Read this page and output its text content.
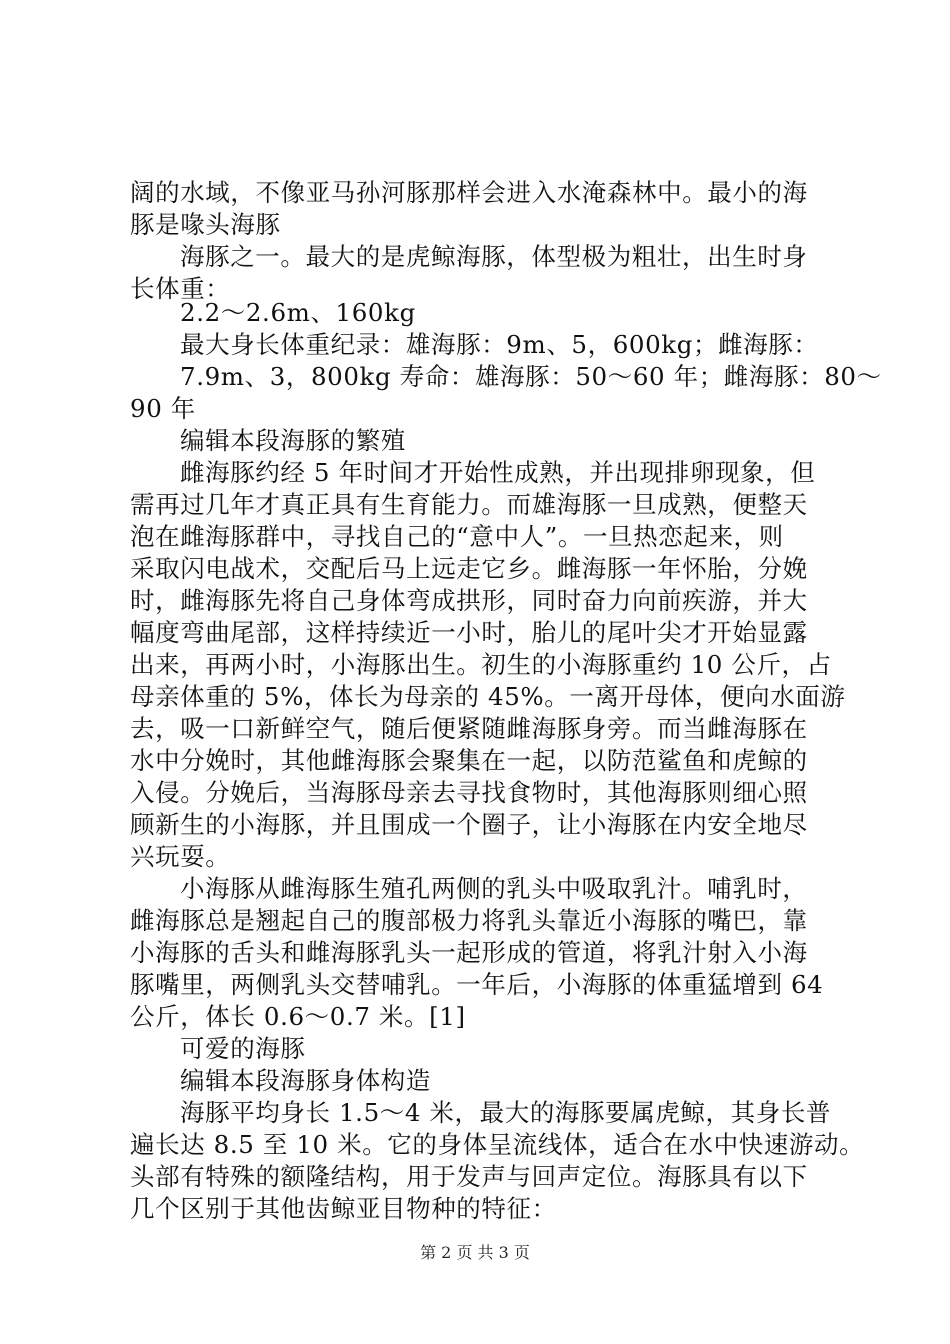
阔的水域，不像亚马孙河豚那样会进入水淹森林中。最小的海
豚是喙头海豚
海豚之一。最大的是虎鲸海豚，体型极为粗壮，出生时身
长体重：
2.2～2.6m、160kg
最大身长体重纪录：雄海豚：9m、5，600kg；雌海豚：
7.9m、3，800kg 寿命：雄海豚：50～60 年；雌海豚：80～
90 年
编辑本段海豚的繁殖
雌海豚约经 5 年时间才开始性成熟，并出现排卵现象，但
需再过几年才真正具有生育能力。而雄海豚一旦成熟，便整天
泡在雌海豚群中，寻找自己的“意中人”。一旦热恋起来，则
采取闪电战术，交配后马上远走它乡。雌海豚一年怀胎，分娩
时，雌海豚先将自己身体弯成拱形，同时奋力向前疾游，并大
幅度弯曲尾部，这样持续近一小时，胎儿的尾叶尖才开始显露
出来，再两小时，小海豚出生。初生的小海豚重约 10 公斤，占
母亲体重的 5%，体长为母亲的 45%。一离开母体，便向水面游
去，吸一口新鲜空气，随后便紧随雌海豚身旁。而当雌海豚在
水中分娩时，其他雌海豚会聚集在一起，以防范鲨鱼和虎鲸的
入侵。分娩后，当海豚母亲去寻找食物时，其他海豚则细心照
顾新生的小海豚，并且围成一个圈子，让小海豚在内安全地尽
兴玩耍。
小海豚从雌海豚生殖孔两侧的乳头中吸取乳汁。哺乳时，
雌海豚总是翘起自己的腹部极力将乳头靠近小海豚的嘴巴，靠
小海豚的舌头和雌海豚乳头一起形成的管道，将乳汁射入小海
豚嘴里，两侧乳头交替哺乳。一年后，小海豚的体重猛增到 64
公斤，体长 0.6～0.7 米。[1]
可爱的海豚
编辑本段海豚身体构造
海豚平均身长 1.5～4 米，最大的海豚要属虎鲸，其身长普
遍长达 8.5 至 10 米。它的身体呈流线体，适合在水中快速游动。
头部有特殊的额隆结构，用于发声与回声定位。海豚具有以下
几个区别于其他齿鲸亚目物种的特征：
第 2 页 共 3 页
